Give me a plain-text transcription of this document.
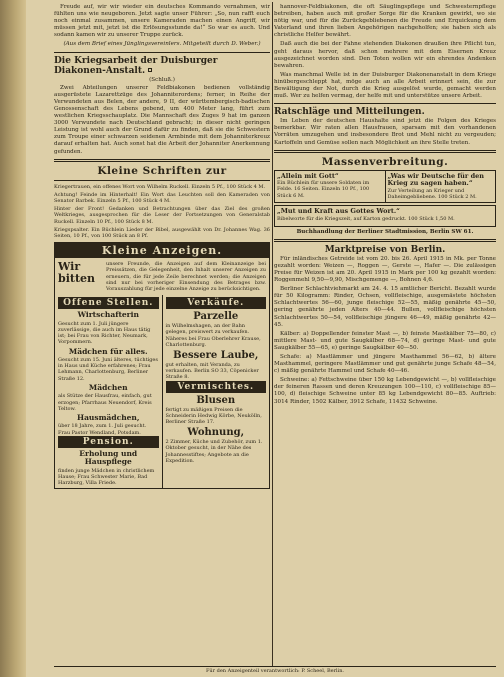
Freude auf, wir wir wieder ein deutsches Kommando vernahmen, wir fühlten uns wie neugeboren. Jetzt sagte unser Führer: „So, nun rafft euch noch einmal zusammen, unsere Kameraden machen einen Angriff, wir müssen jetzt mit, jetzt ist die Erlösungsstunde da!“ So war es auch. Und sodann kamen wir zu unserer Truppe zurück.

(Aus dem Brief eines Jünglingsvereinlers. Mitgeteilt durch D. Weber.)

Die Kriegsarbeit der Duisburger Diakonen-Anstalt.
(Schluß.)

Zwei Abteilungen unserer Feldbiakonen bedienen vollständig ausgerüstete Lazarettzüge des Johanniterordens; ferner, in Reihe der Verwundeten aus Belen, der andere, 9 II, der württembergisch-badischen Genossenschaft des Lebens gebend, um 400 Meter lang, führt zum westlichen Kriegsschauplatz. Die Mannschaft des Zuges 9 hat im ganzen 3000 Verwundete nach Deutschland gebracht; in dieser nicht geringen Leistung ist wohl auch der Grund dafür zu finden, daß sie die Schwestern zum Troupe einer schwarzen seidenen Armbinde mit dem Johanniterkreuz darauf erhalten hat. Auch sonst hat die Arbeit der Johanniter Anerkennung gefunden.

Kleine Schriften zur

Kriegertrauen, ein offenes Wort von Wilhelm Ruckell. Einzeln 5 Pf., 100 Stück 4 M.

Achtung! Feinde im Hinterhalt! Ein Wort das Leuchten soll den Kameraden von Senator Barbek. Einzeln 5 Pf., 100 Stück 4 M.

Hinter der Front! Gedanken und Betrachtungen über das Ziel des großen Weltkrieges, ausgesprochen für die Leser der Fortsetzungen von Generalstab Ruckell. Einzeln 10 Pf., 100 Stück 8 M.

Kriegspsalter. Ein Büchlein Lieder der Bibel, ausgewählt von Dr. Johannes Wag. 36 Seiten, 10 Pf., von 100 Stück an 8 Pf.

Kleine Anzeigen.
Wir bitten
unsere Freunde, die Anzeigen auf dem Kleinanzeige bei Preissätzen, die Gelegenheit, den Inhalt unserer Anzeigen zu erneuern, die für jede Zeile berechnet werden; die Anzeigen sind nur bei vorheriger Einsendung des Betrages bzw. Vorauszahlung für jede einzelne Anzeige zu berücksichtigen.
Offene Stellen.
Wirtschafterin

Gesucht zum 1. Juli jüngere zuverlässige, die auch im Haus tätig ist; bei Frau von Richter, Neumark, Vorpommern.

Mädchen für alles.

Gesucht zum 15. Juni älteres, tüchtiges in Haus und Küche erfahrenes; Frau Lehmann, Charlottenburg, Berliner Straße 12.

Mädchen

als Stütze der Hausfrau, einfach, gut erzogen; Pfarrhaus Neuendorf, Kreis Teltow.

Hausmädchen,

über 18 Jahre, zum 1. Juli gesucht. Frau Pastor Wendland, Potsdam.

Pension.
Erholung und Hauspflege

finden junge Mädchen in christlichem Hause; Frau Schwester Marie, Bad Harzburg, Villa Friede.

Verkäufe.
Parzelle

in Wilhelmshagen, an der Bahn gelegen, preiswert zu verkaufen. Näheres bei Frau Oberlehrer Krause, Charlottenburg.

Bessere Laube,

gut erhalten, mit Veranda, zu verkaufen. Berlin SO 33, Cöpenicker Straße 8.

Vermischtes.
Blusen

fertigt zu mäßigen Preisen die Schneiderin Hedwig Körbe, Neukölln, Berliner Straße 17.

Wohnung,

2 Zimmer, Küche und Zubehör, zum 1. Oktober gesucht, in der Nähe des Johannesstiftes; Angebote an die Expedition.

hannover-Feldbiakonen, die oft Säuglingspflege und Schwesternpflege betreiben, haben auch mit großer Sorge für die Kranken gewirkt, wo sie nötig war, und für die Zurückgebliebenen die Freude und Erquickung dem Vaterland und ihren lieben Angehörigen nachgeholfen; sie haben sich als christliche Helfer bewährt.

Daß auch die bei der Fahne stehenden Diakonen draußen ihre Pflicht tun, geht daraus hervor, daß schon mehrere mit dem Eisernen Kreuz ausgezeichnet worden sind. Den Toten wollen wir ein ehrendes Andenken bewahren.

Was manchmal Welle ist in der Duisburger Diakonenanstalt in dem Kriege hinübergeschleppt hat, möge auch an alle Arbeit erinnert sein, die zur Bewältigung der Not, durch die Krieg ausgelöst wurde, gemacht werden muß. Wer zu helfen vermag, der helfe mit und unterstütze unsere Arbeit.

Ratschläge und Mitteilungen.

Im Leben der deutschen Haushalte sind jetzt die Folgen des Krieges bemerkbar. Wir raten allen Hausfrauen, sparsam mit den vorhandenen Vorräten umzugehen und insbesondere Brot und Mehl nicht zu vergeuden; Kartoffeln und Gemüse sollen nach Möglichkeit an ihre Stelle treten.

Massenverbreitung.
„Allein mit Gott“

Ein Büchlein für unsere Soldaten im Felde. 16 Seiten. Einzeln 10 Pf., 100 Stück 6 M.

„Was wir Deutsche für den Krieg zu sagen haben.“

Zur Verteilung an Krieger und Daheimgebliebene. 100 Stück 2 M.

„Mut und Kraft aus Gottes Wort.“

Bibelworte für die Kriegszeit, auf Karton gedruckt. 100 Stück 1,50 M.

Buchhandlung der Berliner Stadtmission, Berlin SW 61.
Marktpreise von Berlin.

Für inländisches Getreide ist vom 20. bis 26. April 1915 in Mk. per Tonne gezahlt worden: Weizen —, Roggen —, Gerste —, Hafer —. Die zulässigen Preise für Weizen ist am 20. April 1915 in Mark per 100 kg gezahlt worden: Roggenmehl 9,50—9,90, Mischgemenge —, Bohnen 4,6.

Berliner Schlachtviehmarkt am 24. 4. 15 amtlicher Bericht. Bezahlt wurde für 50 Kilogramm: Rinder, Ochsen, vollfleischige, ausgemästete höchsten Schlachtwertes 56—60, junge fleischige 52—55, mäßig genährte 45—50, gering genährte jeden Alters 40—44. Bullen, vollfleischige höchsten Schlachtwertes 50—54, vollfleischige jüngere 46—49, mäßig genährte 42—45.

Kälber: a) Doppellender feinster Mast —, b) feinste Mastkälber 75—80, c) mittlere Mast- und gute Saugkälber 68—74, d) geringe Mast- und gute Saugkälber 55—65, e) geringe Saugkälber 40—50.

Schafe: a) Mastlämmer und jüngere Masthammel 56—62, b) ältere Masthammel, geringere Mastlämmer und gut genährte junge Schafe 48—54, c) mäßig genährte Hammel und Schafe 40—46.

Schweine: a) Fettschweine über 150 kg Lebendgewicht —, b) vollfleischige der feineren Rassen und deren Kreuzungen 100—110, c) vollfleischige 85—100, d) fleischige Schweine unter 85 kg Lebendgewicht 80—85. Auftrieb: 3014 Rinder, 1502 Kälber, 3912 Schafe, 11432 Schweine.

Für den Anzeigenteil verantwortlich: P. Scheel, Berlin.
